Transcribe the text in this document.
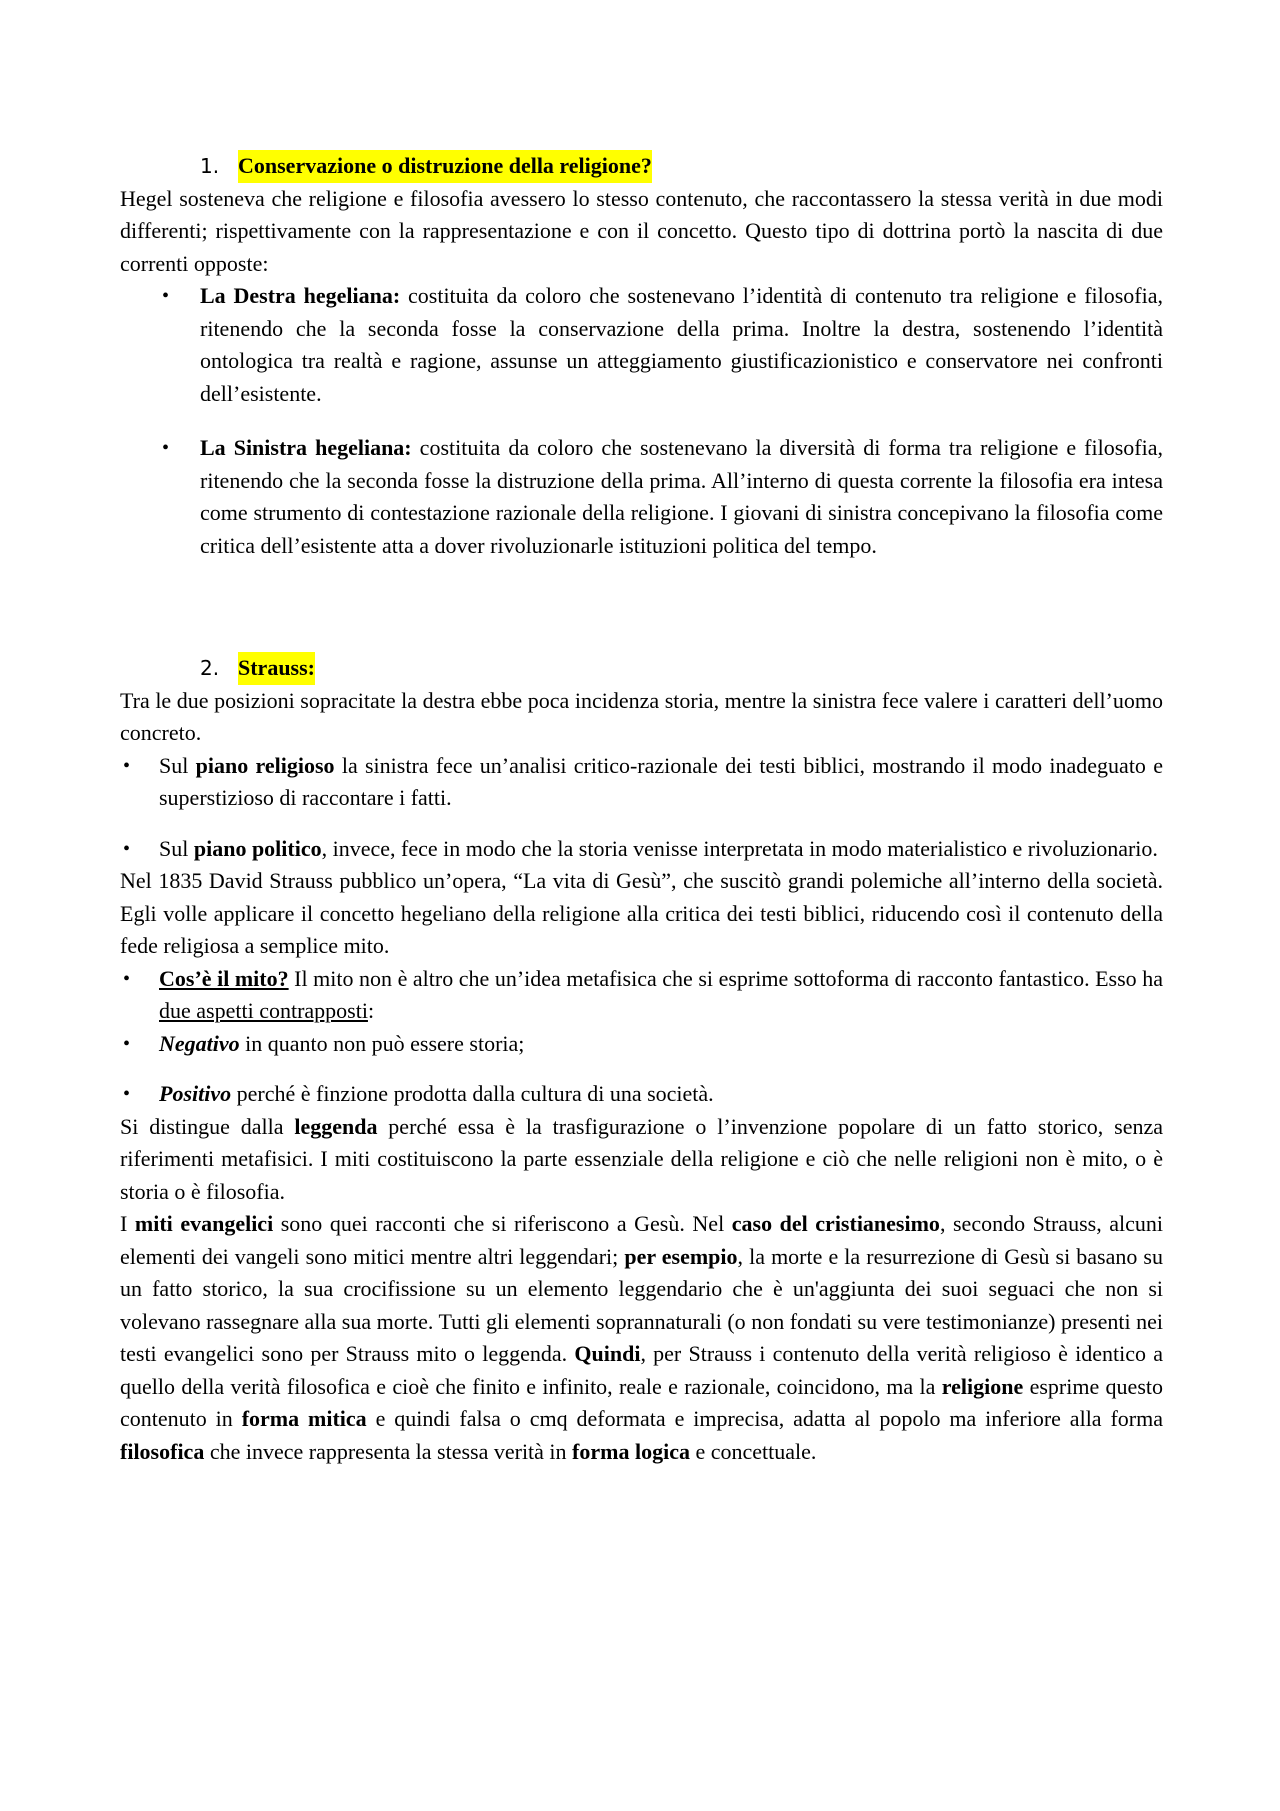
1. Conservazione o distruzione della religione?

Hegel sosteneva che religione e filosofia avessero lo stesso contenuto, che raccontassero la stessa verità in due modi differenti; rispettivamente con la rappresentazione e con il concetto. Questo tipo di dottrina portò la nascita di due correnti opposte:

• La Destra hegeliana: costituita da coloro che sostenevano l’identità di contenuto tra religione e filosofia, ritenendo che la seconda fosse la conservazione della prima. Inoltre la destra, sostenendo l’identità ontologica tra realtà e ragione, assunse un atteggiamento giustificazionistico e conservatore nei confronti dell’esistente.
• La Sinistra hegeliana: costituita da coloro che sostenevano la diversità di forma tra religione e filosofia, ritenendo che la seconda fosse la distruzione della prima. All’interno di questa corrente la filosofia era intesa come strumento di contestazione razionale della religione. I giovani di sinistra concepivano la filosofia come critica dell’esistente atta a dover rivoluzionarle istituzioni politica del tempo.
2. Strauss:

Tra le due posizioni sopracitate la destra ebbe poca incidenza storia, mentre la sinistra fece valere i caratteri dell’uomo concreto.

• Sul piano religioso la sinistra fece un’analisi critico-razionale dei testi biblici, mostrando il modo inadeguato e superstizioso di raccontare i fatti.
• Sul piano politico, invece, fece in modo che la storia venisse interpretata in modo materialistico e rivoluzionario.

Nel 1835 David Strauss pubblico un’opera, “La vita di Gesù”, che suscitò grandi polemiche all’interno della società. Egli volle applicare il concetto hegeliano della religione alla critica dei testi biblici, riducendo così il contenuto della fede religiosa a semplice mito.

• Cos’è il mito? Il mito non è altro che un’idea metafisica che si esprime sottoforma di racconto fantastico. Esso ha due aspetti contrapposti:
• Negativo in quanto non può essere storia;
• Positivo perché è finzione prodotta dalla cultura di una società.

Si distingue dalla leggenda perché essa è la trasfigurazione o l’invenzione popolare di un fatto storico, senza riferimenti metafisici. I miti costituiscono la parte essenziale della religione e ciò che nelle religioni non è mito, o è storia o è filosofia.

I miti evangelici sono quei racconti che si riferiscono a Gesù. Nel caso del cristianesimo, secondo Strauss, alcuni elementi dei vangeli sono mitici mentre altri leggendari; per esempio, la morte e la resurrezione di Gesù si basano su un fatto storico, la sua crocifissione su un elemento leggendario che è un'aggiunta dei suoi seguaci che non si volevano rassegnare alla sua morte. Tutti gli elementi soprannaturali (o non fondati su vere testimonianze) presenti nei testi evangelici sono per Strauss mito o leggenda. Quindi, per Strauss i contenuto della verità religioso è identico a quello della verità filosofica e cioè che finito e infinito, reale e razionale, coincidono, ma la religione esprime questo contenuto in forma mitica e quindi falsa o cmq deformata e imprecisa, adatta al popolo ma inferiore alla forma filosofica che invece rappresenta la stessa verità in forma logica e concettuale.
